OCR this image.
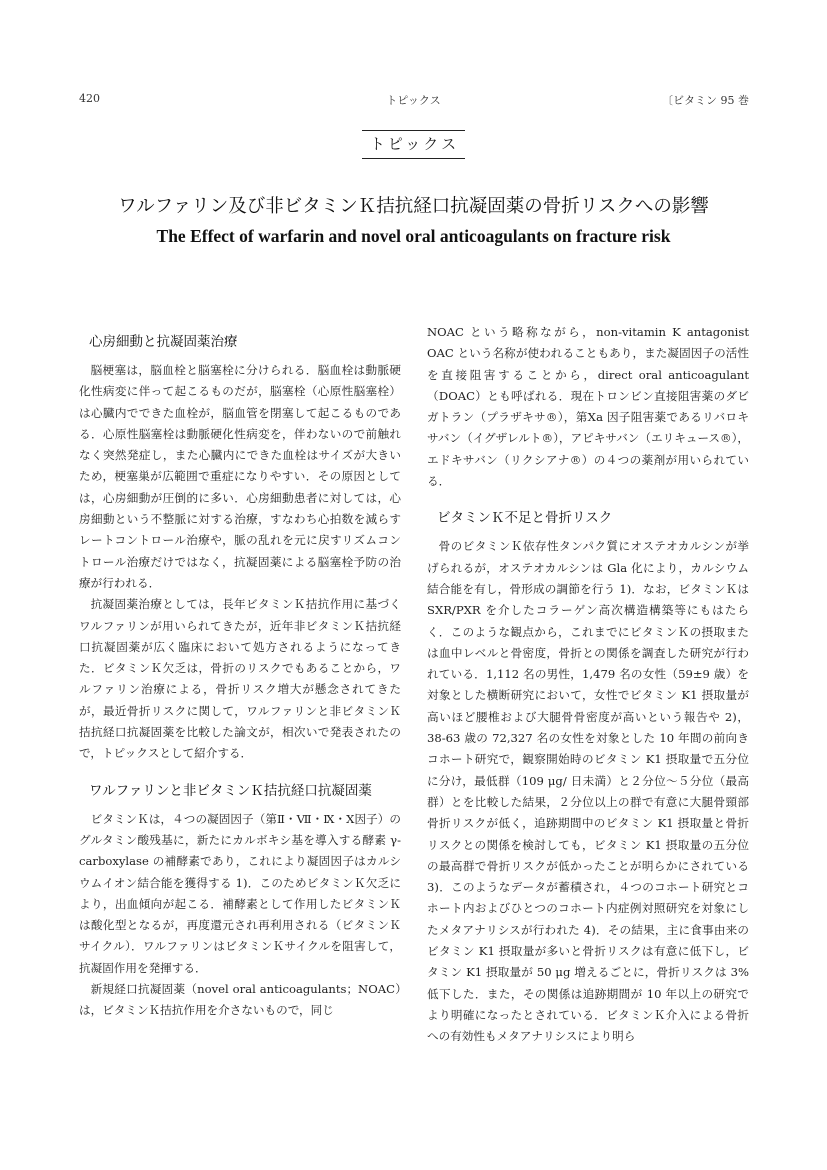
420	トピックス	〔ビタミン 95 巻
トピックス
ワルファリン及び非ビタミンＫ拮抗経口抗凝固薬の骨折リスクへの影響
The Effect of warfarin and novel oral anticoagulants on fracture risk
心房細動と抗凝固薬治療

脳梗塞は，脳血栓と脳塞栓に分けられる．脳血栓は動脈硬化性病変に伴って起こるものだが，脳塞栓（心原性脳塞栓）は心臓内でできた血栓が，脳血管を閉塞して起こるものである．心原性脳塞栓は動脈硬化性病変を，伴わないので前触れなく突然発症し，また心臓内にできた血栓はサイズが大きいため，梗塞巣が広範囲で重症になりやすい．その原因としては，心房細動が圧倒的に多い．心房細動患者に対しては，心房細動という不整脈に対する治療，すなわち心拍数を減らすレートコントロール治療や，脈の乱れを元に戻すリズムコントロール治療だけではなく，抗凝固薬による脳塞栓予防の治療が行われる．

抗凝固薬治療としては，長年ビタミンＫ拮抗作用に基づくワルファリンが用いられてきたが，近年非ビタミンＫ拮抗経口抗凝固薬が広く臨床において処方されるようになってきた．ビタミンＫ欠乏は，骨折のリスクでもあることから，ワルファリン治療による，骨折リスク増大が懸念されてきたが，最近骨折リスクに関して，ワルファリンと非ビタミンＫ拮抗経口抗凝固薬を比較した論文が，相次いで発表されたので，トピックスとして紹介する．

ワルファリンと非ビタミンＫ拮抗経口抗凝固薬

ビタミンＫは，４つの凝固因子（第Ⅱ・Ⅶ・Ⅸ・Ⅹ因子）のグルタミン酸残基に，新たにカルボキシ基を導入する酵素 γ-carboxylase の補酵素であり，これにより凝固因子はカルシウムイオン結合能を獲得する 1)．このためビタミンＫ欠乏により，出血傾向が起こる．補酵素として作用したビタミンＫは酸化型となるが，再度還元され再利用される（ビタミンＫサイクル）．ワルファリンはビタミンＫサイクルを阻害して，抗凝固作用を発揮する．

新規経口抗凝固薬（novel oral anticoagulants；NOAC）は，ビタミンＫ拮抗作用を介さないもので，同じ

NOAC という略称ながら，non-vitamin K antagonist OAC という名称が使われることもあり，また凝固因子の活性を直接阻害することから，direct oral anticoagulant（DOAC）とも呼ばれる．現在トロンビン直接阻害薬のダビガトラン（プラザキサ®），第Ⅹa 因子阻害薬であるリバロキサバン（イグザレルト®），アピキサバン（エリキュース®），エドキサバン（リクシアナ®）の４つの薬剤が用いられている．

ビタミンＫ不足と骨折リスク

骨のビタミンＫ依存性タンパク質にオステオカルシンが挙げられるが，オステオカルシンは Gla 化により，カルシウム結合能を有し，骨形成の調節を行う 1)．なお，ビタミンＫは SXR/PXR を介したコラーゲン高次構造構築等にもはたらく．このような観点から，これまでにビタミンＫの摂取または血中レベルと骨密度，骨折との関係を調査した研究が行われている．1,112 名の男性，1,479 名の女性（59±9 歳）を対象とした横断研究において，女性でビタミン K1 摂取量が高いほど腰椎および大腿骨骨密度が高いという報告や 2)，38-63 歳の 72,327 名の女性を対象とした 10 年間の前向きコホート研究で，観察開始時のビタミン K1 摂取量で五分位に分け，最低群（109 μg/ 日未満）と２分位～５分位（最高群）とを比較した結果，２分位以上の群で有意に大腿骨頸部骨折リスクが低く，追跡期間中のビタミン K1 摂取量と骨折リスクとの関係を検討しても，ビタミン K1 摂取量の五分位の最高群で骨折リスクが低かったことが明らかにされている 3)．このようなデータが蓄積され，４つのコホート研究とコホート内およびひとつのコホート内症例対照研究を対象にしたメタアナリシスが行われた 4)．その結果，主に食事由来のビタミン K1 摂取量が多いと骨折リスクは有意に低下し，ビタミン K1 摂取量が 50 μg 増えるごとに，骨折リスクは 3% 低下した．また，その関係は追跡期間が 10 年以上の研究でより明確になったとされている．ビタミンＫ介入による骨折への有効性もメタアナリシスにより明ら
